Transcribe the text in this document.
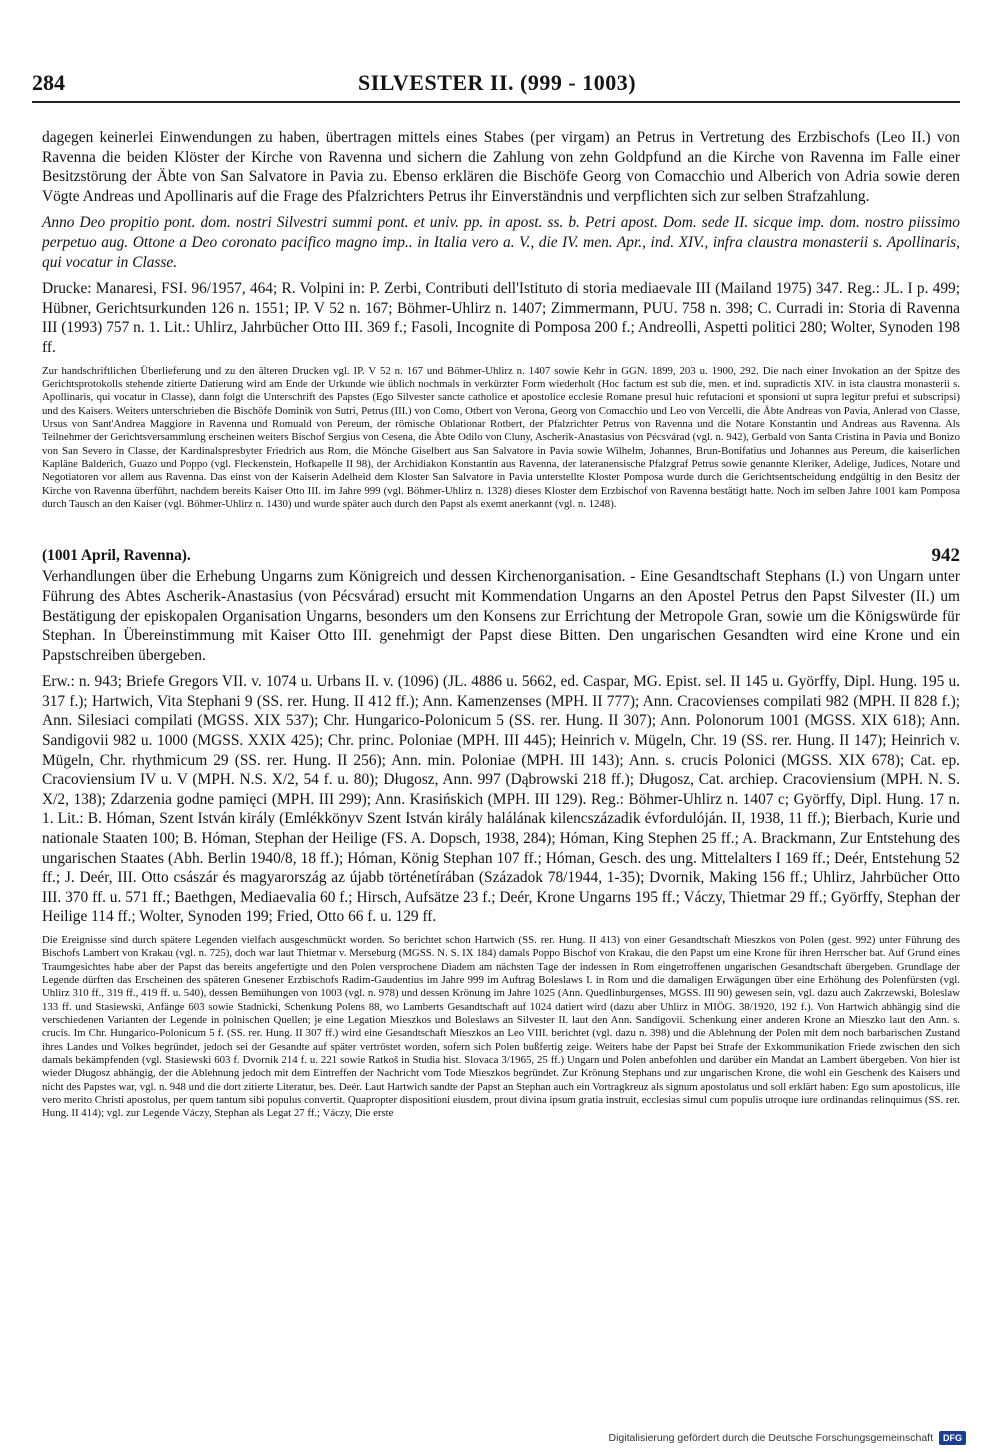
284	SILVESTER II. (999 - 1003)

dagegen keinerlei Einwendungen zu haben, übertragen mittels eines Stabes (per virgam) an Petrus in Vertretung des Erzbischofs (Leo II.) von Ravenna die beiden Klöster der Kirche von Ravenna und sichern die Zahlung von zehn Goldpfund an die Kirche von Ravenna im Falle einer Besitzstörung der Äbte von San Salvatore in Pavia zu. Ebenso erklären die Bischöfe Georg von Comacchio und Alberich von Adria sowie deren Vögte Andreas und Apollinaris auf die Frage des Pfalzrichters Petrus ihr Einverständnis und verpflichten sich zur selben Strafzahlung.

Anno Deo propitio pont. dom. nostri Silvestri summi pont. et univ. pp. in apost. ss. b. Petri apost. Dom. sede II. sicque imp. dom. nostro piissimo perpetuo aug. Ottone a Deo coronato pacifico magno imp.. in Italia vero a. V., die IV. men. Apr., ind. XIV., infra claustra monasterii s. Apollinaris, qui vocatur in Classe.

Drucke: Manaresi, FSI. 96/1957, 464; R. Volpini in: P. Zerbi, Contributi dell'Istituto di storia mediaevale III (Mailand 1975) 347. Reg.: JL. I p. 499; Hübner, Gerichtsurkunden 126 n. 1551; IP. V 52 n. 167; Böhmer-Uhlirz n. 1407; Zimmermann, PUU. 758 n. 398; C. Curradi in: Storia di Ravenna III (1993) 757 n. 1. Lit.: Uhlirz, Jahrbücher Otto III. 369 f.; Fasoli, Incognite di Pomposa 200 f.; Andreolli, Aspetti politici 280; Wolter, Synoden 198 ff.

Zur handschriftlichen Überlieferung und zu den älteren Drucken vgl. IP. V 52 n. 167 und Böhmer-Uhlirz n. 1407 sowie Kehr in GGN. 1899, 203 u. 1900, 292. Die nach einer Invokation an der Spitze des Gerichtsprotokolls stehende zitierte Datierung wird am Ende der Urkunde wie üblich nochmals in verkürzter Form wiederholt (Hoc factum est sub die, men. et ind. supradictis XIV. in ista claustra monasterii s. Apollinaris, qui vocatur in Classe), dann folgt die Unterschrift des Papstes (Ego Silvester sancte catholice et apostolice ecclesie Romane presul huic refutacioni et sponsioni ut supra legitur prefui et subscripsi) und des Kaisers. Weiters unterschrieben die Bischöfe Dominik von Sutri, Petrus (III.) von Como, Otbert von Verona, Georg von Comacchio und Leo von Vercelli, die Äbte Andreas von Pavia, Anlerad von Classe, Ursus von Sant'Andrea Maggiore in Ravenna und Romuald von Pereum, der römische Oblationar Rotbert, der Pfalzrichter Petrus von Ravenna und die Notare Konstantin und Andreas aus Ravenna. Als Teilnehmer der Gerichtsversammlung erscheinen weiters Bischof Sergius von Cesena, die Äbte Odilo von Cluny, Ascherik-Anastasius von Pécsvárad (vgl. n. 942), Gerbald von Santa Cristina in Pavia und Bonizo von San Severo in Classe, der Kardinalspresbyter Friedrich aus Rom, die Mönche Giselbert aus San Salvatore in Pavia sowie Wilhelm, Johannes, Brun-Bonifatius und Johannes aus Pereum, die kaiserlichen Kapläne Balderich, Guazo und Poppo (vgl. Fleckenstein, Hofkapelle II 98), der Archidiakon Konstantin aus Ravenna, der lateranensische Pfalzgraf Petrus sowie genannte Kleriker, Adelige, Judices, Notare und Negotiatoren vor allem aus Ravenna. Das einst von der Kaiserin Adelheid dem Kloster San Salvatore in Pavia unterstellte Kloster Pomposa wurde durch die Gerichtsentscheidung endgültig in den Besitz der Kirche von Ravenna überführt, nachdem bereits Kaiser Otto III. im Jahre 999 (vgl. Böhmer-Uhlirz n. 1328) dieses Kloster dem Erzbischof von Ravenna bestätigt hatte. Noch im selben Jahre 1001 kam Pomposa durch Tausch an den Kaiser (vgl. Böhmer-Uhlirz n. 1430) und wurde später auch durch den Papst als exemt anerkannt (vgl. n. 1248).

(1001 April, Ravenna).	942

Verhandlungen über die Erhebung Ungarns zum Königreich und dessen Kirchenorganisation. - Eine Gesandtschaft Stephans (I.) von Ungarn unter Führung des Abtes Ascherik-Anastasius (von Pécsvárad) ersucht mit Kommendation Ungarns an den Apostel Petrus den Papst Silvester (II.) um Bestätigung der episkopalen Organisation Ungarns, besonders um den Konsens zur Errichtung der Metropole Gran, sowie um die Königswürde für Stephan. In Übereinstimmung mit Kaiser Otto III. genehmigt der Papst diese Bitten. Den ungarischen Gesandten wird eine Krone und ein Papstschreiben übergeben.

Erw.: n. 943; Briefe Gregors VII. v. 1074 u. Urbans II. v. (1096) (JL. 4886 u. 5662, ed. Caspar, MG. Epist. sel. II 145 u. Györffy, Dipl. Hung. 195 u. 317 f.); Hartwich, Vita Stephani 9 (SS. rer. Hung. II 412 ff.); Ann. Kamenzenses (MPH. II 777); Ann. Cracovienses compilati 982 (MPH. II 828 f.); Ann. Silesiaci compilati (MGSS. XIX 537); Chr. Hungarico-Polonicum 5 (SS. rer. Hung. II 307); Ann. Polonorum 1001 (MGSS. XIX 618); Ann. Sandigovii 982 u. 1000 (MGSS. XXIX 425); Chr. princ. Poloniae (MPH. III 445); Heinrich v. Mügeln, Chr. 19 (SS. rer. Hung. II 147); Heinrich v. Mügeln, Chr. rhythmicum 29 (SS. rer. Hung. II 256); Ann. min. Poloniae (MPH. III 143); Ann. s. crucis Polonici (MGSS. XIX 678); Cat. ep. Cracoviensium IV u. V (MPH. N.S. X/2, 54 f. u. 80); Długosz, Ann. 997 (Dąbrowski 218 ff.); Długosz, Cat. archiep. Cracoviensium (MPH. N. S. X/2, 138); Zdarzenia godne pamięci (MPH. III 299); Ann. Krasińskich (MPH. III 129). Reg.: Böhmer-Uhlirz n. 1407 c; Györffy, Dipl. Hung. 17 n. 1. Lit.: B. Hóman, Szent István király (Emlékkönyv Szent István király halálának kilencszázadik évfordulóján. II, 1938, 11 ff.); Bierbach, Kurie und nationale Staaten 100; B. Hóman, Stephan der Heilige (FS. A. Dopsch, 1938, 284); Hóman, King Stephen 25 ff.; A. Brackmann, Zur Entstehung des ungarischen Staates (Abh. Berlin 1940/8, 18 ff.); Hóman, König Stephan 107 ff.; Hóman, Gesch. des ung. Mittelalters I 169 ff.; Deér, Entstehung 52 ff.; J. Deér, III. Otto császár és magyarország az újabb történetírában (Századok 78/1944, 1-35); Dvornik, Making 156 ff.; Uhlirz, Jahrbücher Otto III. 370 ff. u. 571 ff.; Baethgen, Mediaevalia 60 f.; Hirsch, Aufsätze 23 f.; Deér, Krone Ungarns 195 ff.; Váczy, Thietmar 29 ff.; Györffy, Stephan der Heilige 114 ff.; Wolter, Synoden 199; Fried, Otto 66 f. u. 129 ff.

Die Ereignisse sind durch spätere Legenden vielfach ausgeschmückt worden. So berichtet schon Hartwich (SS. rer. Hung. II 413) von einer Gesandtschaft Mieszkos von Polen (gest. 992) unter Führung des Bischofs Lambert von Krakau (vgl. n. 725), doch war laut Thietmar v. Merseburg (MGSS. N. S. IX 184) damals Poppo Bischof von Krakau, die den Papst um eine Krone für ihren Herrscher bat. Auf Grund eines Traumgesichtes habe aber der Papst das bereits angefertigte und den Polen versprochene Diadem am nächsten Tage der indessen in Rom eingetroffenen ungarischen Gesandtschaft übergeben. Grundlage der Legende dürften das Erscheinen des späteren Gnesener Erzbischofs Radim-Gaudentius im Jahre 999 im Auftrag Boleslaws I. in Rom und die damaligen Erwägungen über eine Erhöhung des Polenfürsten (vgl. Uhlirz 310 ff., 319 ff., 419 ff. u. 540), dessen Bemühungen von 1003 (vgl. n. 978) und dessen Krönung im Jahre 1025 (Ann. Quedlinburgenses, MGSS. III 90) gewesen sein, vgl. dazu auch Zakrzewski, Boleslaw 133 ff. und Stasiewski, Anfänge 603 sowie Stadnicki, Schenkung Polens 88, wo Lamberts Gesandtschaft auf 1024 datiert wird (dazu aber Uhlirz in MIÖG. 38/1920, 192 f.). Von Hartwich abhängig sind die verschiedenen Varianten der Legende in polnischen Quellen; je eine Legation Mieszkos und Boleslaws an Silvester II. laut den Ann. Sandigovii. Schenkung einer anderen Krone an Mieszko laut den Ann. s. crucis. Im Chr. Hungarico-Polonicum 5 f. (SS. rer. Hung. II 307 ff.) wird eine Gesandtschaft Mieszkos an Leo VIII. berichtet (vgl. dazu n. 398) und die Ablehnung der Polen mit dem noch barbarischen Zustand ihres Landes und Volkes begründet, jedoch sei der Gesandte auf später vertröstet worden, sofern sich Polen bußfertig zeige. Weiters habe der Papst bei Strafe der Exkommunikation Friede zwischen den sich damals bekämpfenden (vgl. Stasiewski 603 f. Dvornik 214 f. u. 221 sowie Ratkoš in Studia hist. Slovaca 3/1965, 25 ff.) Ungarn und Polen anbefohlen und darüber ein Mandat an Lambert übergeben. Von hier ist wieder Długosz abhängig, der die Ablehnung jedoch mit dem Eintreffen der Nachricht vom Tode Mieszkos begründet. Zur Krönung Stephans und zur ungarischen Krone, die wohl ein Geschenk des Kaisers und nicht des Papstes war, vgl. n. 948 und die dort zitierte Literatur, bes. Deér. Laut Hartwich sandte der Papst an Stephan auch ein Vortragkreuz als signum apostolatus und soll erklärt haben: Ego sum apostolicus, ille vero merito Christi apostolus, per quem tantum sibi populus convertit. Quapropter dispositioni eiusdem, prout divina ipsum gratia instruit, ecclesias simul cum populis utroque iure ordinandas relinquimus (SS. rer. Hung. II 414); vgl. zur Legende Váczy, Stephan als Legat 27 ff.; Váczy, Die erste

Digitalisierung gefördert durch die Deutsche Forschungsgemeinschaft	DFG
